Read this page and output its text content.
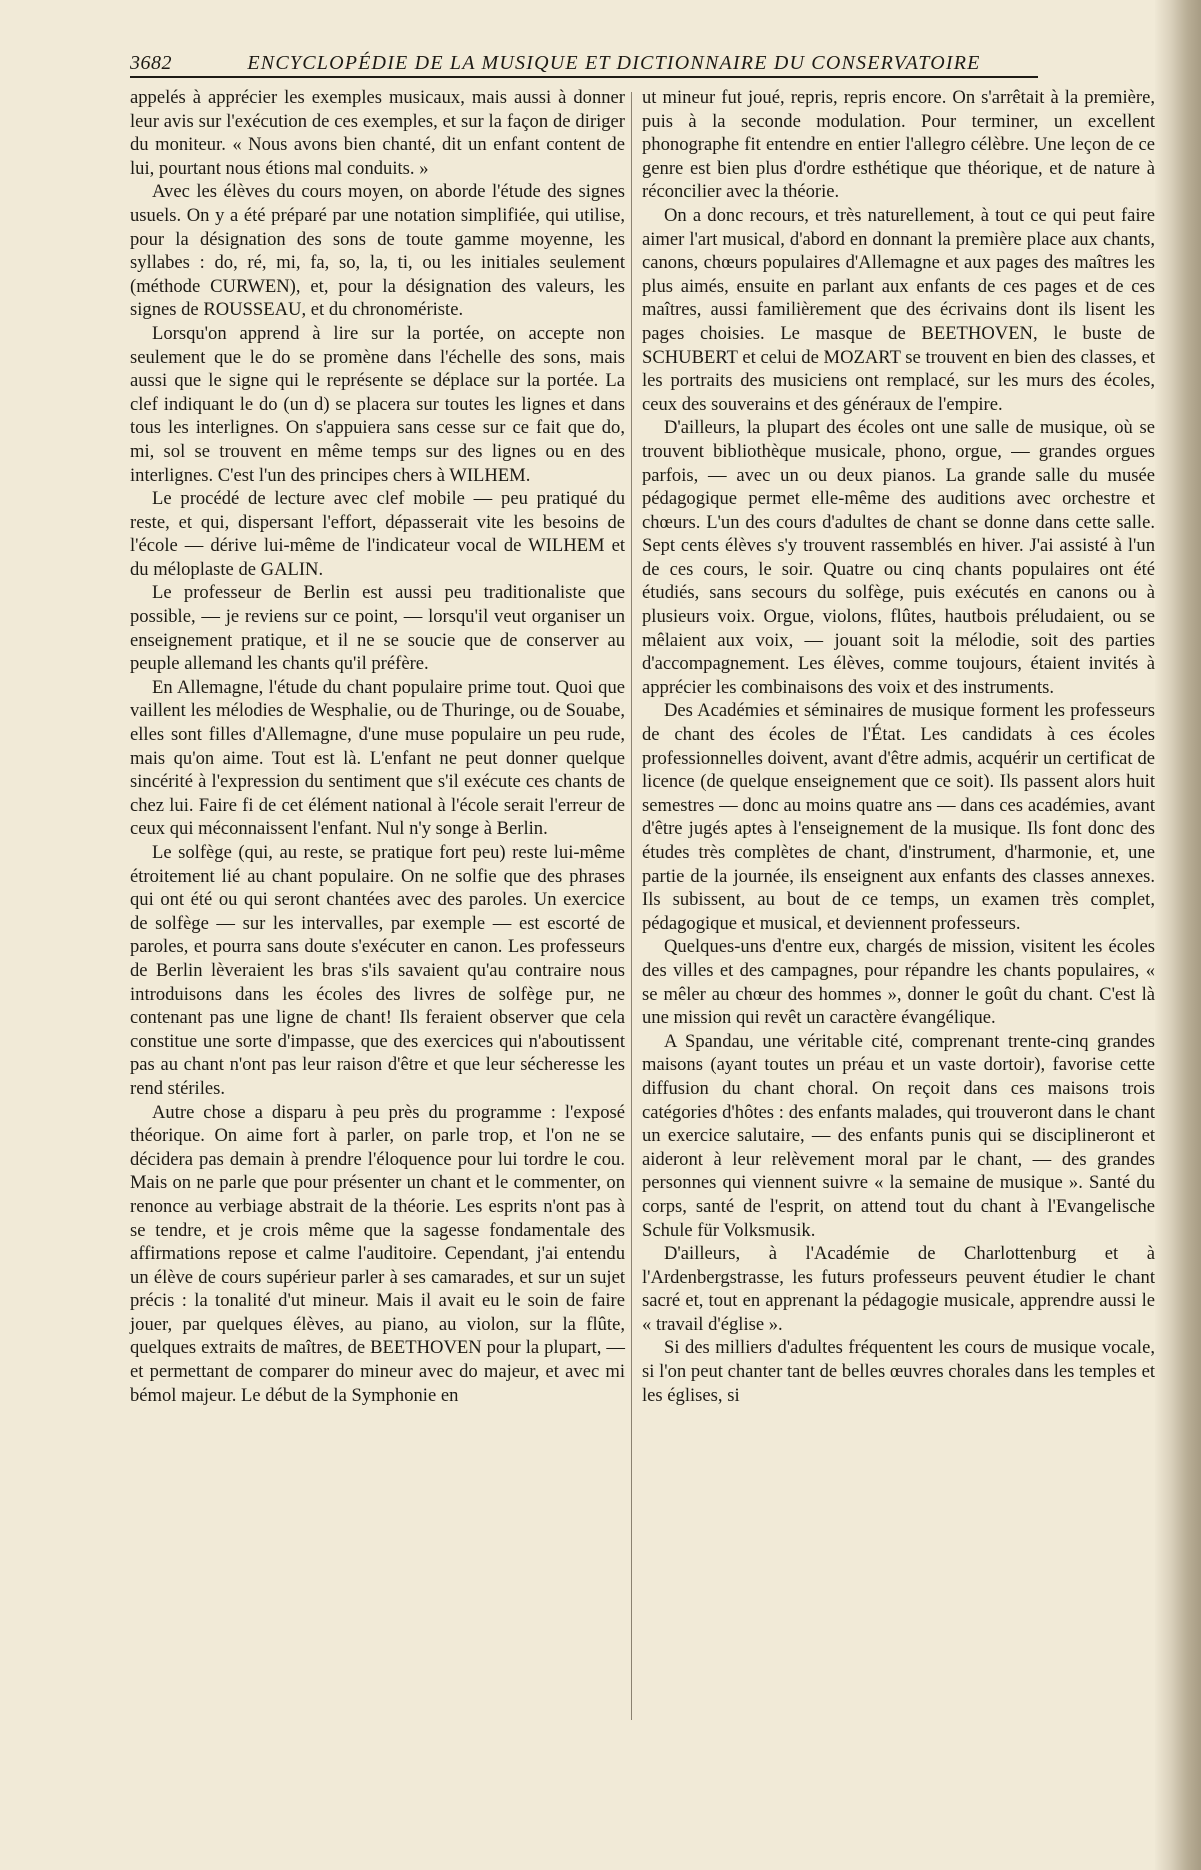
3682	ENCYCLOPÉDIE DE LA MUSIQUE ET DICTIONNAIRE DU CONSERVATOIRE

appelés à apprécier les exemples musicaux, mais aussi à donner leur avis sur l'exécution de ces exemples, et sur la façon de diriger du moniteur. « Nous avons bien chanté, dit un enfant content de lui, pourtant nous étions mal conduits. »

Avec les élèves du cours moyen, on aborde l'étude des signes usuels. On y a été préparé par une notation simplifiée, qui utilise, pour la désignation des sons de toute gamme moyenne, les syllabes : do, ré, mi, fa, so, la, ti, ou les initiales seulement (méthode CURWEN), et, pour la désignation des valeurs, les signes de ROUSSEAU, et du chronomériste.

Lorsqu'on apprend à lire sur la portée, on accepte non seulement que le do se promène dans l'échelle des sons, mais aussi que le signe qui le représente se déplace sur la portée. La clef indiquant le do (un d) se placera sur toutes les lignes et dans tous les interlignes. On s'appuiera sans cesse sur ce fait que do, mi, sol se trouvent en même temps sur des lignes ou en des interlignes. C'est l'un des principes chers à WILHEM.

Le procédé de lecture avec clef mobile — peu pratiqué du reste, et qui, dispersant l'effort, dépasserait vite les besoins de l'école — dérive lui-même de l'indicateur vocal de WILHEM et du méloplaste de GALIN.

Le professeur de Berlin est aussi peu traditionaliste que possible, — je reviens sur ce point, — lorsqu'il veut organiser un enseignement pratique, et il ne se soucie que de conserver au peuple allemand les chants qu'il préfère.

En Allemagne, l'étude du chant populaire prime tout. Quoi que vaillent les mélodies de Wesphalie, ou de Thuringe, ou de Souabe, elles sont filles d'Allemagne, d'une muse populaire un peu rude, mais qu'on aime. Tout est là. L'enfant ne peut donner quelque sincérité à l'expression du sentiment que s'il exécute ces chants de chez lui. Faire fi de cet élément national à l'école serait l'erreur de ceux qui méconnaissent l'enfant. Nul n'y songe à Berlin.

Le solfège (qui, au reste, se pratique fort peu) reste lui-même étroitement lié au chant populaire. On ne solfie que des phrases qui ont été ou qui seront chantées avec des paroles. Un exercice de solfège — sur les intervalles, par exemple — est escorté de paroles, et pourra sans doute s'exécuter en canon. Les professeurs de Berlin lèveraient les bras s'ils savaient qu'au contraire nous introduisons dans les écoles des livres de solfège pur, ne contenant pas une ligne de chant! Ils feraient observer que cela constitue une sorte d'impasse, que des exercices qui n'aboutissent pas au chant n'ont pas leur raison d'être et que leur sécheresse les rend stériles.

Autre chose a disparu à peu près du programme : l'exposé théorique. On aime fort à parler, on parle trop, et l'on ne se décidera pas demain à prendre l'éloquence pour lui tordre le cou. Mais on ne parle que pour présenter un chant et le commenter, on renonce au verbiage abstrait de la théorie. Les esprits n'ont pas à se tendre, et je crois même que la sagesse fondamentale des affirmations repose et calme l'auditoire. Cependant, j'ai entendu un élève de cours supérieur parler à ses camarades, et sur un sujet précis : la tonalité d'ut mineur. Mais il avait eu le soin de faire jouer, par quelques élèves, au piano, au violon, sur la flûte, quelques extraits de maîtres, de BEETHOVEN pour la plupart, — et permettant de comparer do mineur avec do majeur, et avec mi bémol majeur. Le début de la Symphonie en

ut mineur fut joué, repris, repris encore. On s'arrêtait à la première, puis à la seconde modulation. Pour terminer, un excellent phonographe fit entendre en entier l'allegro célèbre. Une leçon de ce genre est bien plus d'ordre esthétique que théorique, et de nature à réconcilier avec la théorie.

On a donc recours, et très naturellement, à tout ce qui peut faire aimer l'art musical, d'abord en donnant la première place aux chants, canons, chœurs populaires d'Allemagne et aux pages des maîtres les plus aimés, ensuite en parlant aux enfants de ces pages et de ces maîtres, aussi familièrement que des écrivains dont ils lisent les pages choisies. Le masque de BEETHOVEN, le buste de SCHUBERT et celui de MOZART se trouvent en bien des classes, et les portraits des musiciens ont remplacé, sur les murs des écoles, ceux des souverains et des généraux de l'empire.

D'ailleurs, la plupart des écoles ont une salle de musique, où se trouvent bibliothèque musicale, phono, orgue, — grandes orgues parfois, — avec un ou deux pianos. La grande salle du musée pédagogique permet elle-même des auditions avec orchestre et chœurs. L'un des cours d'adultes de chant se donne dans cette salle. Sept cents élèves s'y trouvent rassemblés en hiver. J'ai assisté à l'un de ces cours, le soir. Quatre ou cinq chants populaires ont été étudiés, sans secours du solfège, puis exécutés en canons ou à plusieurs voix. Orgue, violons, flûtes, hautbois préludaient, ou se mêlaient aux voix, — jouant soit la mélodie, soit des parties d'accompagnement. Les élèves, comme toujours, étaient invités à apprécier les combinaisons des voix et des instruments.

Des Académies et séminaires de musique forment les professeurs de chant des écoles de l'État. Les candidats à ces écoles professionnelles doivent, avant d'être admis, acquérir un certificat de licence (de quelque enseignement que ce soit). Ils passent alors huit semestres — donc au moins quatre ans — dans ces académies, avant d'être jugés aptes à l'enseignement de la musique. Ils font donc des études très complètes de chant, d'instrument, d'harmonie, et, une partie de la journée, ils enseignent aux enfants des classes annexes. Ils subissent, au bout de ce temps, un examen très complet, pédagogique et musical, et deviennent professeurs.

Quelques-uns d'entre eux, chargés de mission, visitent les écoles des villes et des campagnes, pour répandre les chants populaires, « se mêler au chœur des hommes », donner le goût du chant. C'est là une mission qui revêt un caractère évangélique.

A Spandau, une véritable cité, comprenant trente-cinq grandes maisons (ayant toutes un préau et un vaste dortoir), favorise cette diffusion du chant choral. On reçoit dans ces maisons trois catégories d'hôtes : des enfants malades, qui trouveront dans le chant un exercice salutaire, — des enfants punis qui se disciplineront et aideront à leur relèvement moral par le chant, — des grandes personnes qui viennent suivre « la semaine de musique ». Santé du corps, santé de l'esprit, on attend tout du chant à l'Evangelische Schule für Volksmusik.

D'ailleurs, à l'Académie de Charlottenburg et à l'Ardenbergstrasse, les futurs professeurs peuvent étudier le chant sacré et, tout en apprenant la pédagogie musicale, apprendre aussi le « travail d'église ».

Si des milliers d'adultes fréquentent les cours de musique vocale, si l'on peut chanter tant de belles œuvres chorales dans les temples et les églises, si
